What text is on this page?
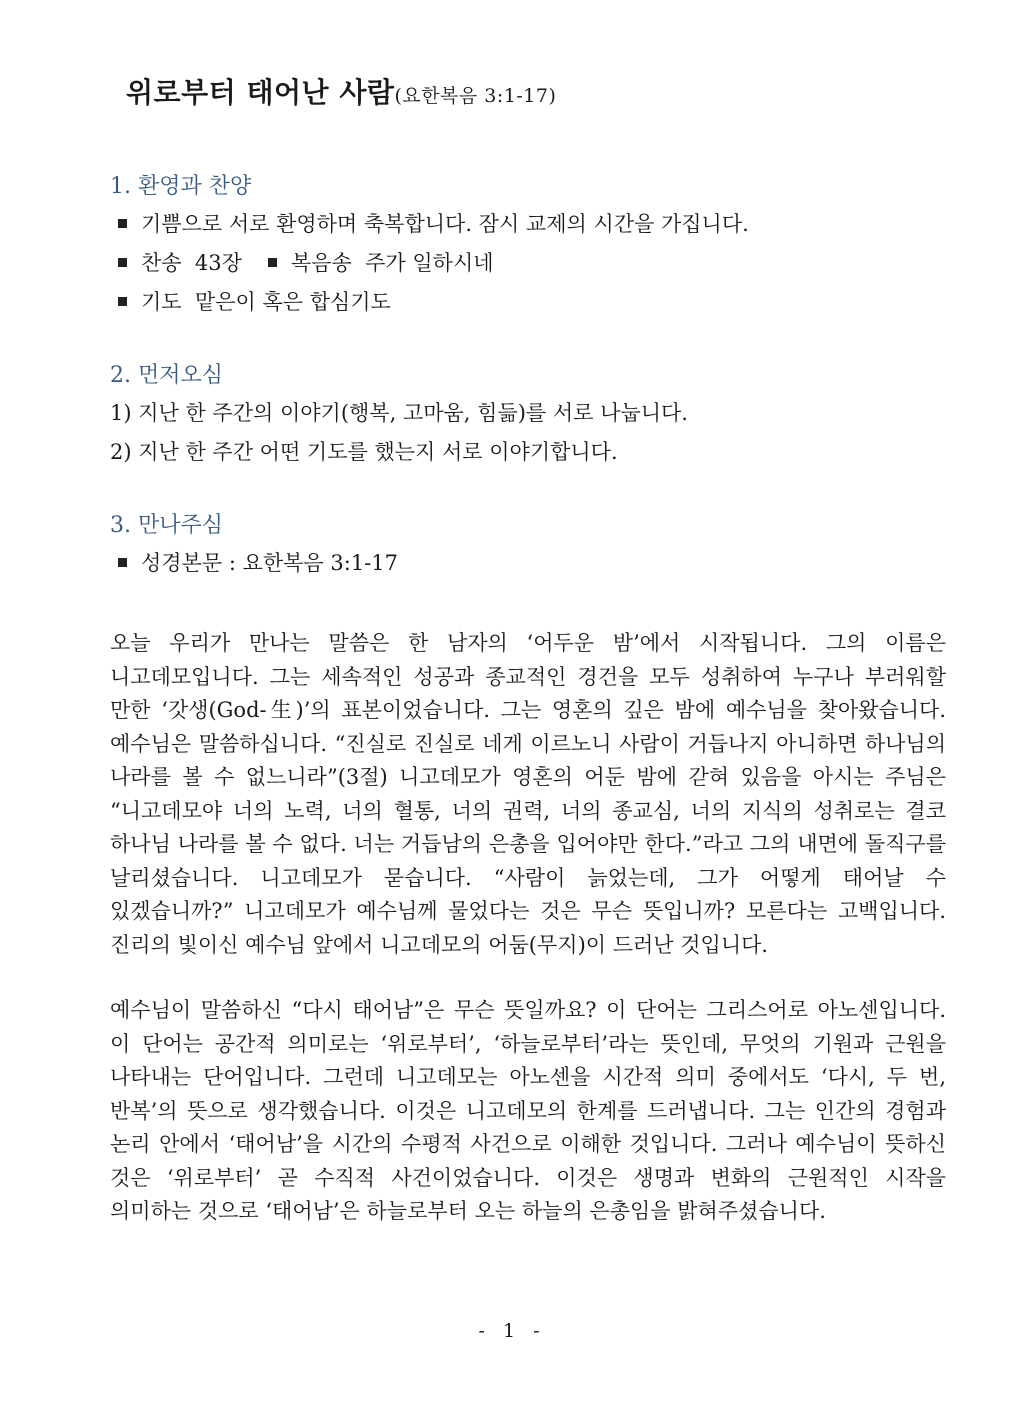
위로부터 태어난 사람(요한복음 3:1-17)
1. 환영과 찬양

기쁨으로 서로 환영하며 축복합니다. 잠시 교제의 시간을 가집니다.

찬송  43장 복음송  주가 일하시네

기도  맡은이 혹은 합심기도

2. 먼저오심

1) 지난 한 주간의 이야기(행복, 고마움, 힘듦)를 서로 나눕니다.

2) 지난 한 주간 어떤 기도를 했는지 서로 이야기합니다.

3. 만나주심

성경본문 : 요한복음 3:1-17

오늘 우리가 만나는 말씀은 한 남자의 ‘어두운 밤’에서 시작됩니다. 그의 이름은 니고데모입니다. 그는 세속적인 성공과 종교적인 경건을 모두 성취하여 누구나 부러워할 만한 ‘갓생(God-生)’의 표본이었습니다. 그는 영혼의 깊은 밤에 예수님을 찾아왔습니다. 예수님은 말씀하십니다. “진실로 진실로 네게 이르노니 사람이 거듭나지 아니하면 하나님의 나라를 볼 수 없느니라”(3절) 니고데모가 영혼의 어둔 밤에 갇혀 있음을 아시는 주님은 “니고데모야 너의 노력, 너의 혈통, 너의 권력, 너의 종교심, 너의 지식의 성취로는 결코 하나님 나라를 볼 수 없다. 너는 거듭남의 은총을 입어야만 한다.”라고 그의 내면에 돌직구를 날리셨습니다. 니고데모가 묻습니다. “사람이 늙었는데, 그가 어떻게 태어날 수 있겠습니까?” 니고데모가 예수님께 물었다는 것은 무슨 뜻입니까? 모른다는 고백입니다. 진리의 빛이신 예수님 앞에서 니고데모의 어둠(무지)이 드러난 것입니다.

예수님이 말씀하신 “다시 태어남”은 무슨 뜻일까요? 이 단어는 그리스어로 아노센입니다. 이 단어는 공간적 의미로는 ‘위로부터’, ‘하늘로부터’라는 뜻인데, 무엇의 기원과 근원을 나타내는 단어입니다. 그런데 니고데모는 아노센을 시간적 의미 중에서도 ‘다시, 두 번, 반복’의 뜻으로 생각했습니다. 이것은 니고데모의 한계를 드러냅니다. 그는 인간의 경험과 논리 안에서 ‘태어남’을 시간의 수평적 사건으로 이해한 것입니다. 그러나 예수님이 뜻하신 것은 ‘위로부터’ 곧 수직적 사건이었습니다. 이것은 생명과 변화의 근원적인 시작을 의미하는 것으로 ‘태어남’은 하늘로부터 오는 하늘의 은총임을 밝혀주셨습니다.

- 1 -
